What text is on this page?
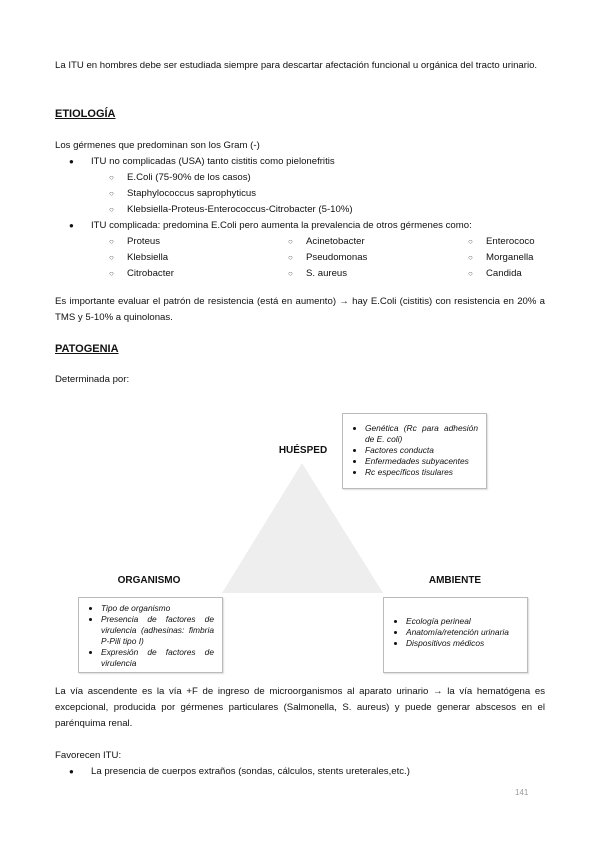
La ITU en hombres debe ser estudiada siempre para descartar afectación funcional u orgánica del tracto urinario.
ETIOLOGÍA
Los gérmenes que predominan son los Gram (-)
● ITU no complicadas (USA) tanto cistitis como pielonefritis
○ E.Coli (75-90% de los casos)
○ Staphylococcus saprophyticus
○ Klebsiella-Proteus-Enterococcus-Citrobacter (5-10%)
● ITU complicada: predomina E.Coli pero aumenta la prevalencia de otros gérmenes como:
○ Proteus
○ Klebsiella
○ Citrobacter
○ Acinetobacter
○ Pseudomonas
○ S. aureus
○ Enterococo
○ Morganella
○ Candida
Es importante evaluar el patrón de resistencia (está en aumento) → hay E.Coli (cistitis) con resistencia en 20% a TMS y 5-10% a quinolonas.
PATOGENIA
Determinada por:
HUÉSPED
ORGANISMO	AMBIENTE
• Genética (Rc para adhesión de E. coli)
• Factores conducta
• Enfermedades subyacentes
• Rc específicos tisulares
• Tipo de organismo
• Presencia de factores de virulencia (adhesinas: fimbria P-Pili tipo I)
• Expresión de factores de virulencia
• Ecología perineal
• Anatomía/retención urinaria
• Dispositivos médicos
La vía ascendente es la vía +F de ingreso de microorganismos al aparato urinario → la vía hematógena es excepcional, producida por gérmenes particulares (Salmonella, S. aureus) y puede generar abscesos en el parénquima renal.
Favorecen ITU:
● La presencia de cuerpos extraños (sondas, cálculos, stents ureterales,etc.)
141
